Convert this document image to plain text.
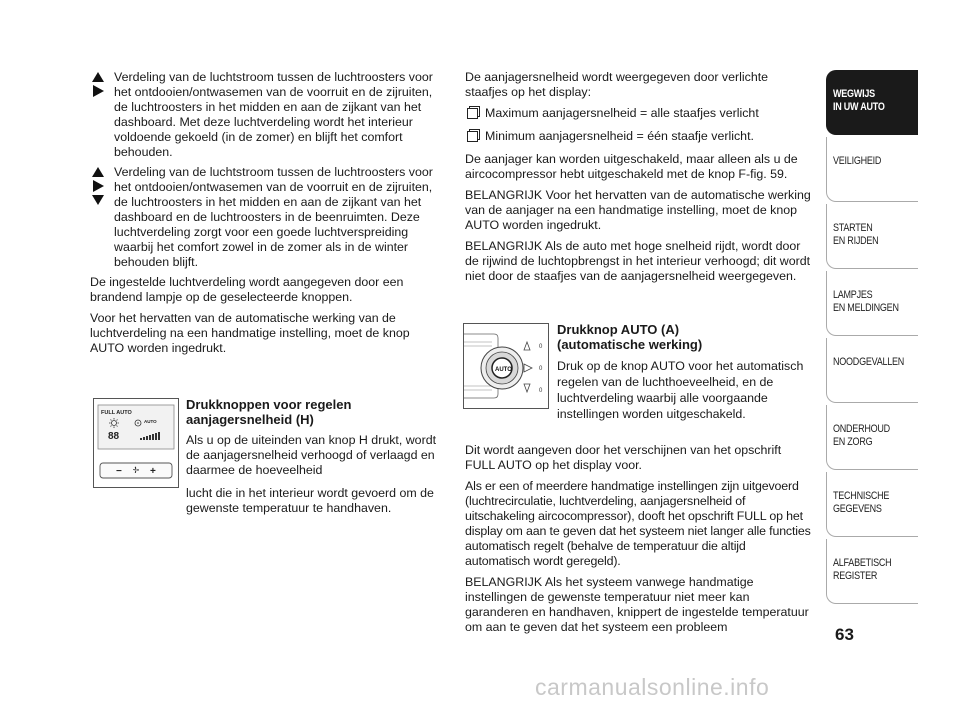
Verdeling van de luchtstroom tussen de luchtroosters voor het ontdooien/ontwasemen van de voorruit en de zijruiten, de luchtroosters in het midden en aan de zijkant van het dashboard. Met deze luchtverdeling wordt het interieur voldoende gekoeld (in de zomer) en blijft het comfort behouden.
Verdeling van de luchtstroom tussen de luchtroosters voor het ontdooien/ontwasemen van de voorruit en de zijruiten, de luchtroosters in het midden en aan de zijkant van het dashboard en de luchtroosters in de beenruimten. Deze luchtverdeling zorgt voor een goede luchtverspreiding waarbij het comfort zowel in de zomer als in de winter behouden blijft.

De ingestelde luchtverdeling wordt aangegeven door een brandend lampje op de geselecteerde knoppen.

Voor het hervatten van de automatische werking van de luchtverdeling na een handmatige instelling, moet de knop AUTO worden ingedrukt.

FULL AUTO
AUTO
88
−	+
Drukknoppen voor regelen
aanjagersnelheid (H)

Als u op de uiteinden van knop H drukt, wordt de aanjagersnelheid verhoogd of verlaagd en daarmee de hoeveelheid

lucht die in het interieur wordt gevoerd om de gewenste temperatuur te handhaven.

De aanjagersnelheid wordt weergegeven door verlichte staafjes op het display:

Maximum aanjagersnelheid = alle staafjes verlicht
Minimum aanjagersnelheid = één staafje verlicht.

De aanjager kan worden uitgeschakeld, maar alleen als u de aircocompressor hebt uitgeschakeld met de knop F-fig. 59.

BELANGRIJK Voor het hervatten van de automatische werking van de aanjager na een handmatige instelling, moet de knop AUTO worden ingedrukt.

BELANGRIJK Als de auto met hoge snelheid rijdt, wordt door de rijwind de luchtopbrengst in het interieur verhoogd; dit wordt niet door de staafjes van de aanjagersnelheid weergegeven.

AUTO
0
0
0
Drukknop AUTO (A)
(automatische werking)

Druk op de knop AUTO voor het automatisch regelen van de luchthoeveelheid, en de luchtverdeling waarbij alle voorgaande instellingen worden uitgeschakeld.

Dit wordt aangeven door het verschijnen van het opschrift FULL AUTO op het display voor.

Als er een of meerdere handmatige instellingen zijn uitgevoerd (luchtrecirculatie, luchtverdeling, aanjagersnelheid of uitschakeling aircocompressor), dooft het opschrift FULL op het display om aan te geven dat het systeem niet langer alle functies automatisch regelt (behalve de temperatuur die altijd automatisch wordt geregeld).

BELANGRIJK Als het systeem vanwege handmatige instellingen de gewenste temperatuur niet meer kan garanderen en handhaven, knippert de ingestelde temperatuur om aan te geven dat het systeem een probleem

WEGWIJS
IN UW AUTO
VEILIGHEID
STARTEN
EN RIJDEN
LAMPJES
EN MELDINGEN
NOODGEVALLEN
ONDERHOUD
EN ZORG
TECHNISCHE
GEGEVENS
ALFABETISCH
REGISTER
63
carmanualsonline.info
